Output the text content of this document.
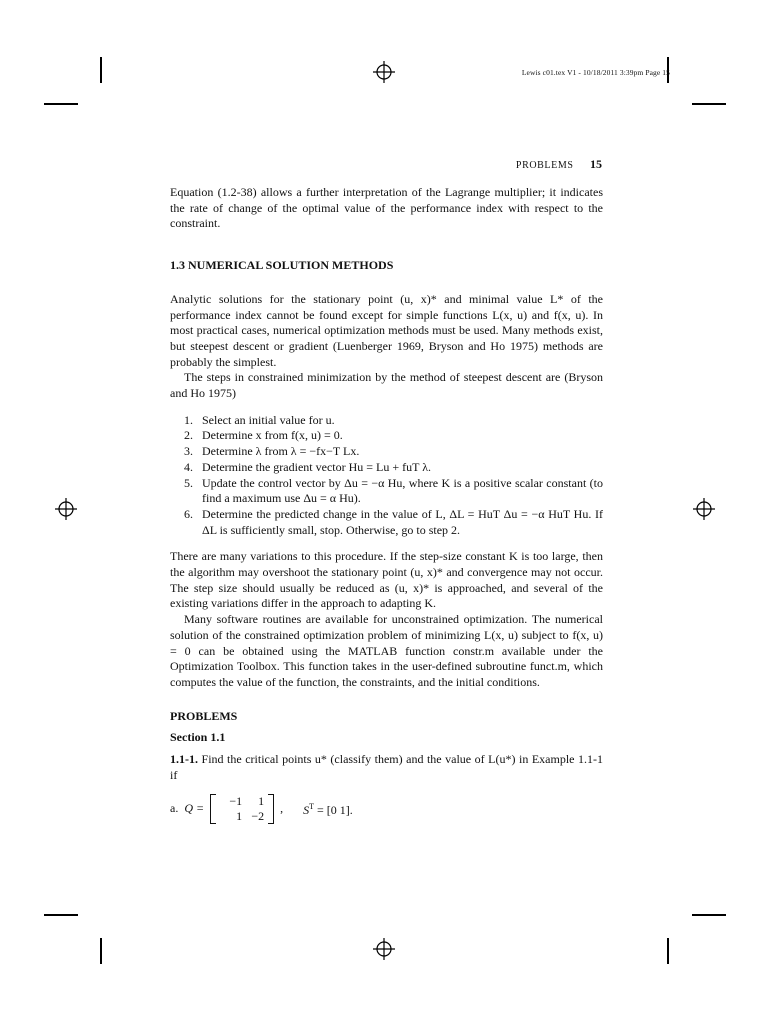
Lewis c01.tex V1 - 10/18/2011 3:39pm Page 15
PROBLEMS 15

Equation (1.2-38) allows a further interpretation of the Lagrange multiplier; it indicates the rate of change of the optimal value of the performance index with respect to the constraint.

1.3 NUMERICAL SOLUTION METHODS

Analytic solutions for the stationary point (u, x)* and minimal value L* of the performance index cannot be found except for simple functions L(x, u) and f(x, u). In most practical cases, numerical optimization methods must be used. Many methods exist, but steepest descent or gradient (Luenberger 1969, Bryson and Ho 1975) methods are probably the simplest.

The steps in constrained minimization by the method of steepest descent are (Bryson and Ho 1975)

1. Select an initial value for u.
2. Determine x from f(x, u) = 0.
3. Determine λ from λ = −fx−T Lx.
4. Determine the gradient vector Hu = Lu + fuT λ.
5. Update the control vector by Δu = −α Hu, where K is a positive scalar constant (to find a maximum use Δu = α Hu).
6. Determine the predicted change in the value of L, ΔL = HuT Δu = −α HuT Hu. If ΔL is sufficiently small, stop. Otherwise, go to step 2.

There are many variations to this procedure. If the step-size constant K is too large, then the algorithm may overshoot the stationary point (u, x)* and convergence may not occur. The step size should usually be reduced as (u, x)* is approached, and several of the existing variations differ in the approach to adapting K.

Many software routines are available for unconstrained optimization. The numerical solution of the constrained optimization problem of minimizing L(x, u) subject to f(x, u) = 0 can be obtained using the MATLAB function constr.m available under the Optimization Toolbox. This function takes in the user-defined subroutine funct.m, which computes the value of the function, the constraints, and the initial conditions.

PROBLEMS

Section 1.1

1.1-1. Find the critical points u* (classify them) and the value of L(u*) in Example 1.1-1 if

a. Q =
−1	1
1 −2
, $S^T = [0$ 1].
